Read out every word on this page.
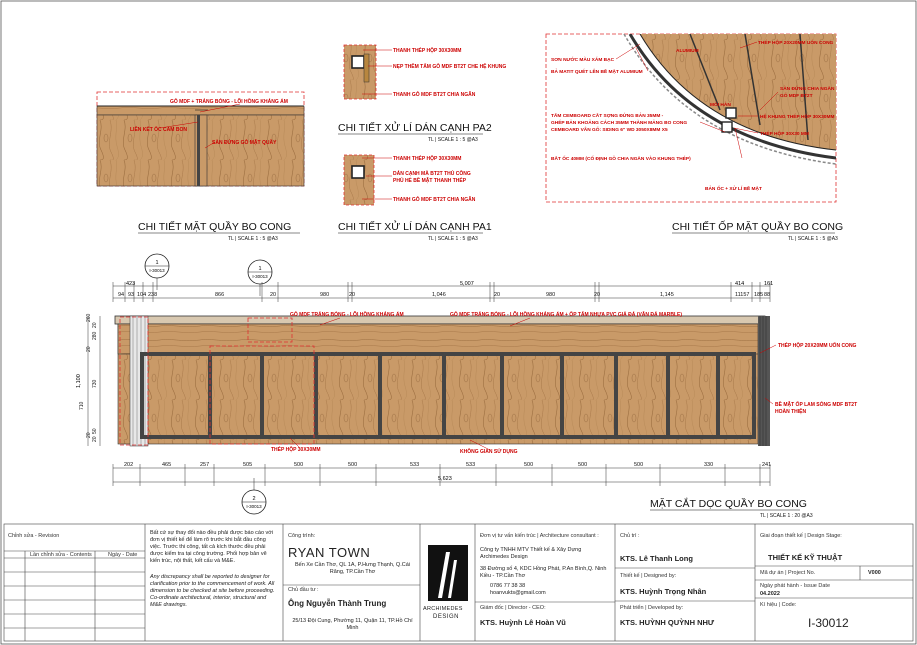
GỖ MDF + TRÁNG BÓNG - LÕI HỒNG KHÁNG ẨM
LIÊN KẾT ỐC CAM BON
SÀN ĐỨNG GỖ MẶT QUẦY
CHI TIẾT MẶT QUẦY BO CONG
TL | SCALE 1 : 5 @A3
THANH THÉP HỘP 30X30MM
NẸP THÊM TẤM GỖ MDF BT2T CHE HỆ KHUNG
THANH GỖ MDF BT2T CHIA NGĂN
CHI TIẾT XỬ LÍ DÁN CẠNH PA2
TL | SCALE 1 : 5 @A3
THANH THÉP HỘP 30X30MM
DÁN CẠNH MÀ BT2T THỦ CÔNG
PHỦ HỂ BỀ MẶT THANH THÉP
THANH GỖ MDF BT2T CHIA NGĂN
CHI TIẾT XỬ LÍ DÁN CẠNH PA1
TL | SCALE 1 : 5 @A3
SƠN NƯỚC MÀU XÁM BẠC
BẢ MATIT QUÉT LÊN BỀ MẶT ALUMIUM
TẤM CEMBOARD CẮT SỢNG ĐỨNG BẢN 35MM -
GHÉP BẢN KHOẢNG CÁCH 35MM THÀNH MẢNG BO CONG
CEMBOARD VÂN GỖ: SIDING 6" WD 3050X8MM X5
BẮT ỐC 40MM (CỐ ĐỊNH GỖ CHIA NGĂN VÀO KHUNG THÉP)
THÉP HỘP 20X20MM UỐN CONG
ALUMIUM
SÀN ĐỨNG CHIA NGĂN
GỖ MDF BT2T
MỐI HÀN
HỆ KHUNG THÉP HỘP 30X30MM
THÉP HỘP 30X30 MM
BẢN ỐC + XỬ LÍ BỀ MẶT
CHI TIẾT ỐP MẶT QUẦY BO CONG
TL | SCALE 1 : 5 @A3
1
I-30013	1
I-30013
2
I-30013
423	5,007	414	161
94 93 104 238	866	20	980	20	1,046	20	980	20	1,145	11157 185 88
GỖ MDF TRÁNG BÓNG - LÕI HỒNG KHÁNG ẨM	GỖ MDF TRÁNG BÓNG - LÕI HỒNG KHÁNG ẨM + ỐP TẤM NHỰA PVC GIẢ ĐÁ (VÂN ĐÁ MARBLE)
THÉP HỘP 20X20MM UỐN CONG
BỀ MẶT ỐP LAM SÓNG MDF BT2T
HOÀN THIỆN
THÉP HỘP 30X30MM	KHÔNG GIAN SỬ DỤNG
1,100
280
20
260
20
730
710
50
20
20
202	465	257	505	500	500	533	533	500	500	500	330	241
5,623
MẶT CẮT DỌC QUẦY BO CONG
TL | SCALE 1 : 20 @A3
Chỉnh sửa - Revision
Lần chỉnh sửa - Contents	Ngày - Date
Bất cứ sự thay đổi nào đều phải được báo cáo với đơn vị thiết kế để làm rõ trước khi bắt đầu công việc. Trước thi công, tất cả kích thước đều phải được kiểm tra tại công trường. Phối hợp bản vẽ kiến trúc, nội thất, kết cấu và M&E.
Any discrepancy shall be reported to designer for clarification prior to the commencement of work. All dimension to be checked at site before proceeding. Co-ordinate architectural, interior, structural and M&E drawings.
Công trình:
RYAN TOWN
Bến Xe Cần Thơ, QL 1A, P.Hưng Thạnh, Q.Cái Răng, TP.Cần Thơ
Chủ đầu tư :
Ông Nguyễn Thành Trung
25/13 Đội Cung, Phường 11, Quận 11, TP.Hồ Chí Minh
ARCHIMEDES
DESIGN
Đơn vị tư vấn kiến trúc | Architecture consultant :
Công ty TNHH MTV Thiết kế & Xây Dựng Archimedes Design
38 Đường số 4, KDC Hồng Phát, P.An Bình,Q. Ninh Kiều - TP.Cần Thơ
0786 77 38 38
hoanvukts@gmail.com
Giám đốc | Director - CEO:
KTS. Huỳnh Lê Hoàn Vũ
Chủ trì :
KTS. Lê Thanh Long
Thiết kế | Designed by:
KTS. Huỳnh Trọng Nhân
Phát triển | Developed by:
KTS. HUỲNH QUỲNH NHƯ
Giai đoạn thiết kế | Design Stage:
THIẾT KẾ KỸ THUẬT
Mã dự án | Project No.	V000
Ngày phát hành - Issue Date
04.2022
Kí hiệu | Code:
I-30012
